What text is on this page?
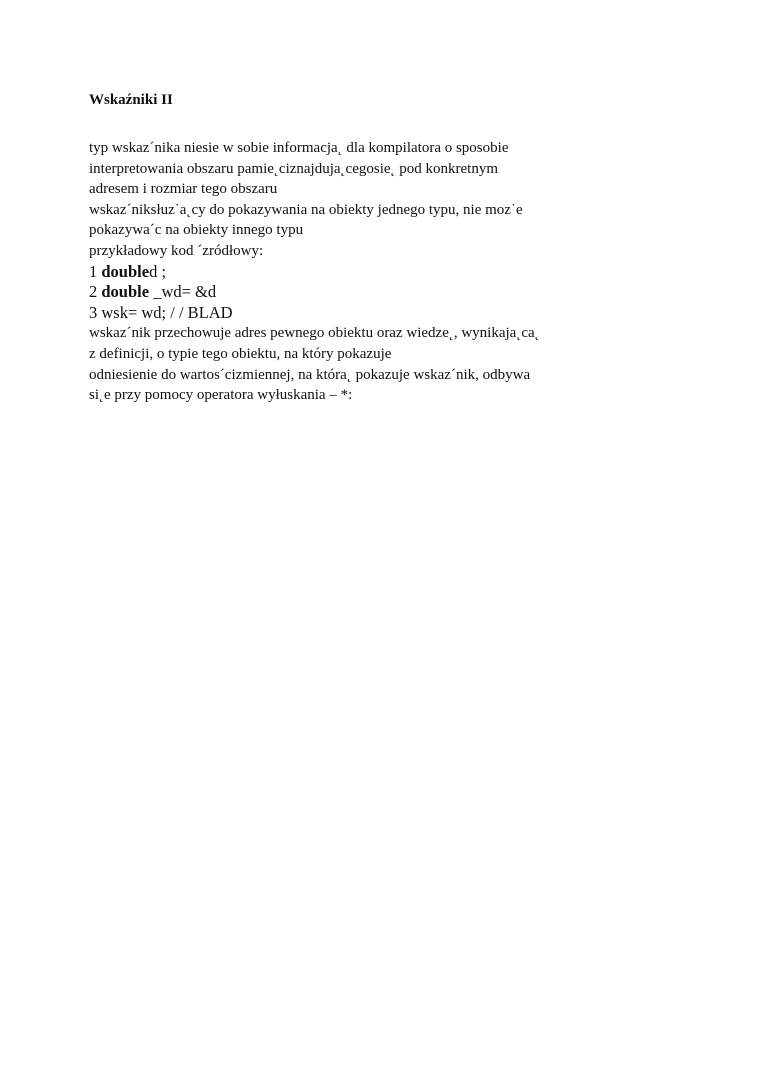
Wskaźniki II

typ wskaz´nika niesie w sobie informacja˛ dla kompilatora o sposobie

interpretowania obszaru pamie˛ciznajduja˛cegosie˛ pod konkretnym

adresem i rozmiar tego obszaru

wskaz´niksłuz˙a˛cy do pokazywania na obiekty jednego typu, nie moz˙e

pokazywa´c na obiekty innego typu

przykładowy kod ´zródłowy:

1 doubled ;

2 double _wd= &d

3 wsk= wd; / / BLAD

wskaz´nik przechowuje adres pewnego obiektu oraz wiedze˛, wynikaja˛ca˛

z definicji, o typie tego obiektu, na który pokazuje

odniesienie do wartos´cizmiennej, na która˛ pokazuje wskaz´nik, odbywa

si˛e przy pomocy operatora wyłuskania – *:
